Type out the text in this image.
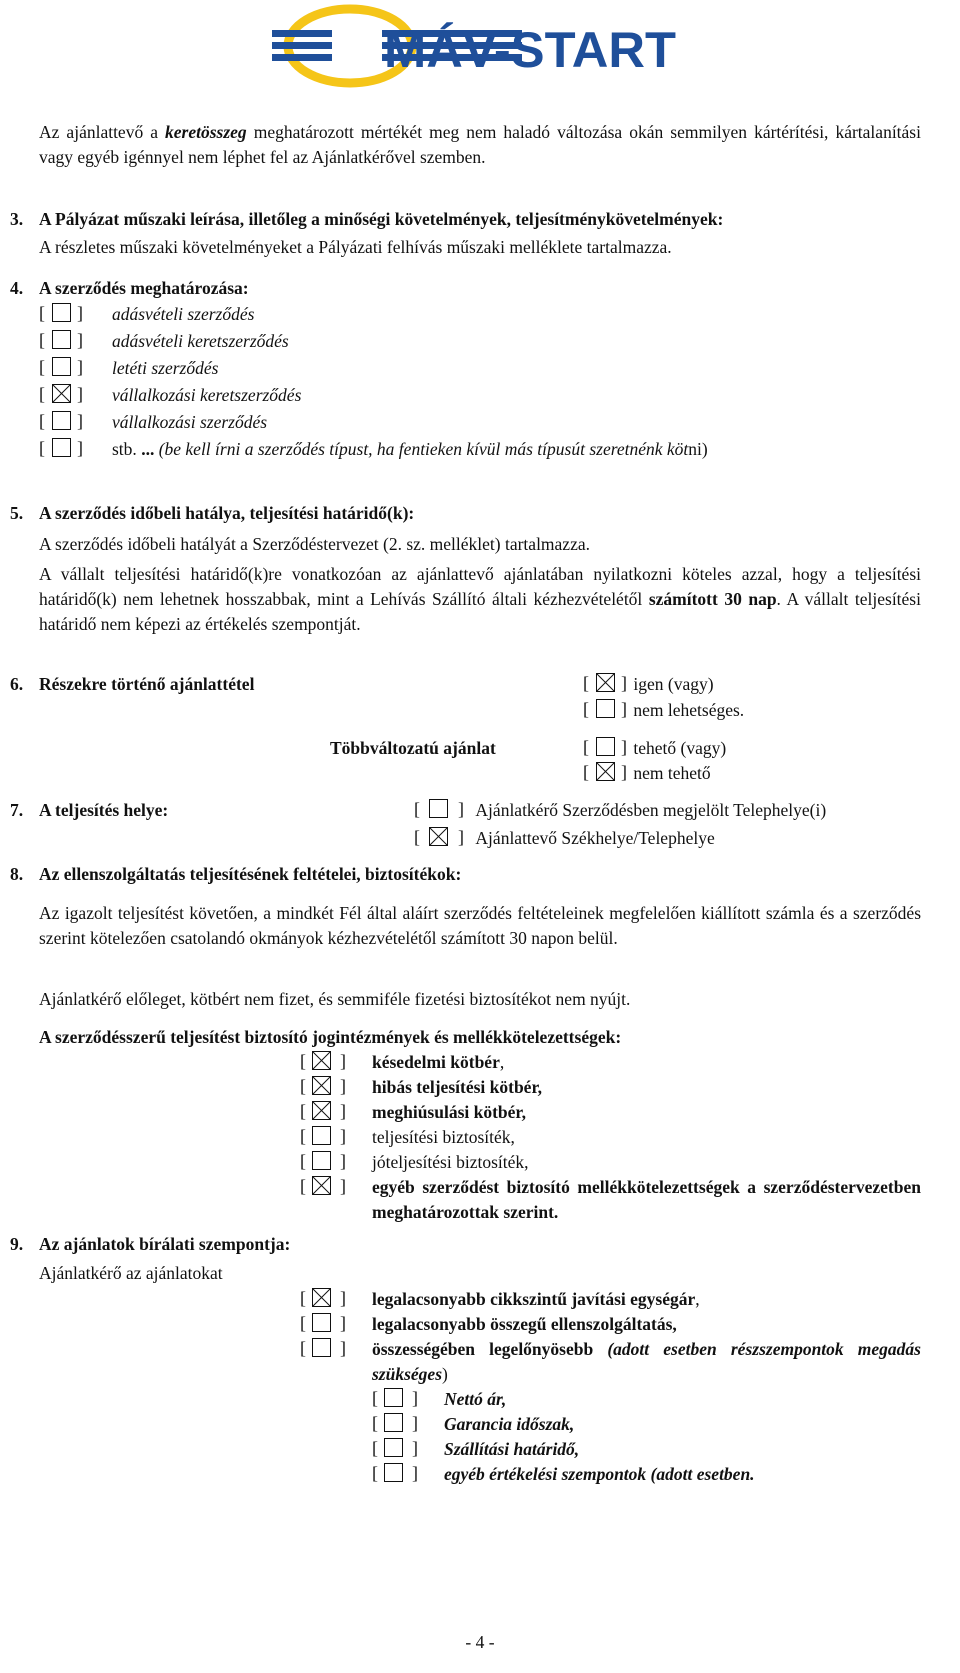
MÁV-START
Az ajánlattevő a keretösszeg meghatározott mértékét meg nem haladó változása okán semmilyen kártérítési, kártalanítási vagy egyéb igénnyel nem léphet fel az Ajánlatkérővel szemben.
3. A Pályázat műszaki leírása, illetőleg a minőségi követelmények, teljesítménykövetelmények:
A részletes műszaki követelményeket a Pályázati felhívás műszaki melléklete tartalmazza.
4. A szerződés meghatározása:
[ ] adásvételi szerződés
[ ] adásvételi keretszerződés
[ ] letéti szerződés
[ ] vállalkozási keretszerződés
[ ] vállalkozási szerződés
[ ] stb. ... (be kell írni a szerződés típust, ha fentieken kívül más típusút szeretnénk kötni)
5. A szerződés időbeli hatálya, teljesítési határidő(k):
A szerződés időbeli hatályát a Szerződéstervezet (2. sz. melléklet) tartalmazza.
A vállalt teljesítési határidő(k)re vonatkozóan az ajánlattevő ajánlatában nyilatkozni köteles azzal, hogy a teljesítési határidő(k) nem lehetnek hosszabbak, mint a Lehívás Szállító általi kézhezvételétől számított 30 nap. A vállalt teljesítési határidő nem képezi az értékelés szempontját.
6. Részekre történő ajánlattétel	[ ] igen (vagy)
[ ] nem lehetséges.
Többváltozatú ajánlat	[ ] tehető (vagy)
[ ] nem tehető
7. A teljesítés helye:	[ ] Ajánlatkérő Szerződésben megjelölt Telephelye(i)
[ ] Ajánlattevő Székhelye/Telephelye
8. Az ellenszolgáltatás teljesítésének feltételei, biztosítékok:
Az igazolt teljesítést követően, a mindkét Fél által aláírt szerződés feltételeinek megfelelően kiállított számla és a szerződés szerint kötelezően csatolandó okmányok kézhezvételétől számított 30 napon belül.
Ajánlatkérő előleget, kötbért nem fizet, és semmiféle fizetési biztosítékot nem nyújt.
A szerződésszerű teljesítést biztosító jogintézmények és mellékkötelezettségek:
[ ] késedelmi kötbér,
[ ] hibás teljesítési kötbér,
[ ] meghiúsulási kötbér,
[ ] teljesítési biztosíték,
[ ] jóteljesítési biztosíték,
[ ] egyéb szerződést biztosító mellékkötelezettségek a szerződéstervezetben meghatározottak szerint.
9. Az ajánlatok bírálati szempontja:
Ajánlatkérő az ajánlatokat
[ ] legalacsonyabb cikkszintű javítási egységár,
[ ] legalacsonyabb összegű ellenszolgáltatás,
[ ] összességében legelőnyösebb (adott esetben részszempontok megadás szükséges)
[ ] Nettó ár,
[ ] Garancia időszak,
[ ] Szállítási határidő,
[ ] egyéb értékelési szempontok (adott esetben.
- 4 -
